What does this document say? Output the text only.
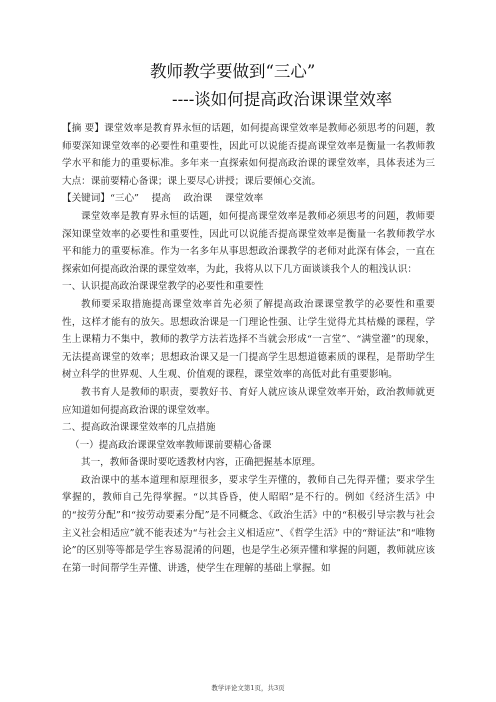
教师教学要做到“三心”
----谈如何提高政治课课堂效率

【摘 要】课堂效率是教育界永恒的话题，如何提高课堂效率是教师必须思考的问题，教师要深知课堂效率的必要性和重要性，因此可以说能否提高课堂效率是衡量一名教师教学水平和能力的重要标准。多年来一直探索如何提高政治课的课堂效率，具体表述为三大点：课前要精心备课；课上要尽心讲授；课后要倾心交流。

【关键词】“三心”　 提高　 政治课　 课堂效率

课堂效率是教育界永恒的话题，如何提高课堂效率是教师必须思考的问题，教师要深知课堂效率的必要性和重要性，因此可以说能否提高课堂效率是衡量一名教师教学水平和能力的重要标准。作为一名多年从事思想政治课教学的老师对此深有体会，一直在探索如何提高政治课的课堂效率，为此，我将从以下几方面谈谈我个人的粗浅认识：

一、认识提高政治课课堂教学的必要性和重要性

教师要采取措施提高课堂效率首先必须了解提高政治课课堂教学的必要性和重要性，这样才能有的放矢。思想政治课是一门理论性强、让学生觉得尤其枯燥的课程，学生上课精力不集中，教师的教学方法若选择不当就会形成“一言堂”、“满堂灌”的现象，无法提高课堂的效率；思想政治课又是一门提高学生思想道德素质的课程，是帮助学生树立科学的世界观、人生观、价值观的课程，课堂效率的高低对此有重要影响。

教书育人是教师的职责，要教好书、育好人就应该从课堂效率开始，政治教师就更应知道如何提高政治课的课堂效率。

二、提高政治课课堂效率的几点措施

（一）提高政治课课堂效率教师课前要精心备课

其一，教师备课时要吃透教材内容，正确把握基本原理。

政治课中的基本道理和原理很多，要求学生弄懂的，教师自己先得弄懂；要求学生掌握的，教师自己先得掌握。“以其昏昏，使人昭昭”是不行的。例如《经济生活》中的“按劳分配”和“按劳动要素分配”是不同概念、《政治生活》中的“积极引导宗教与社会主义社会相适应”就不能表述为“与社会主义相适应”、《哲学生活》中的“辩证法”和“唯物论”的区别等等都是学生容易混淆的问题，也是学生必须弄懂和掌握的问题，教师就应该在第一时间帮学生弄懂、讲透，使学生在理解的基础上掌握。如

教学评论文第1页，共3页
